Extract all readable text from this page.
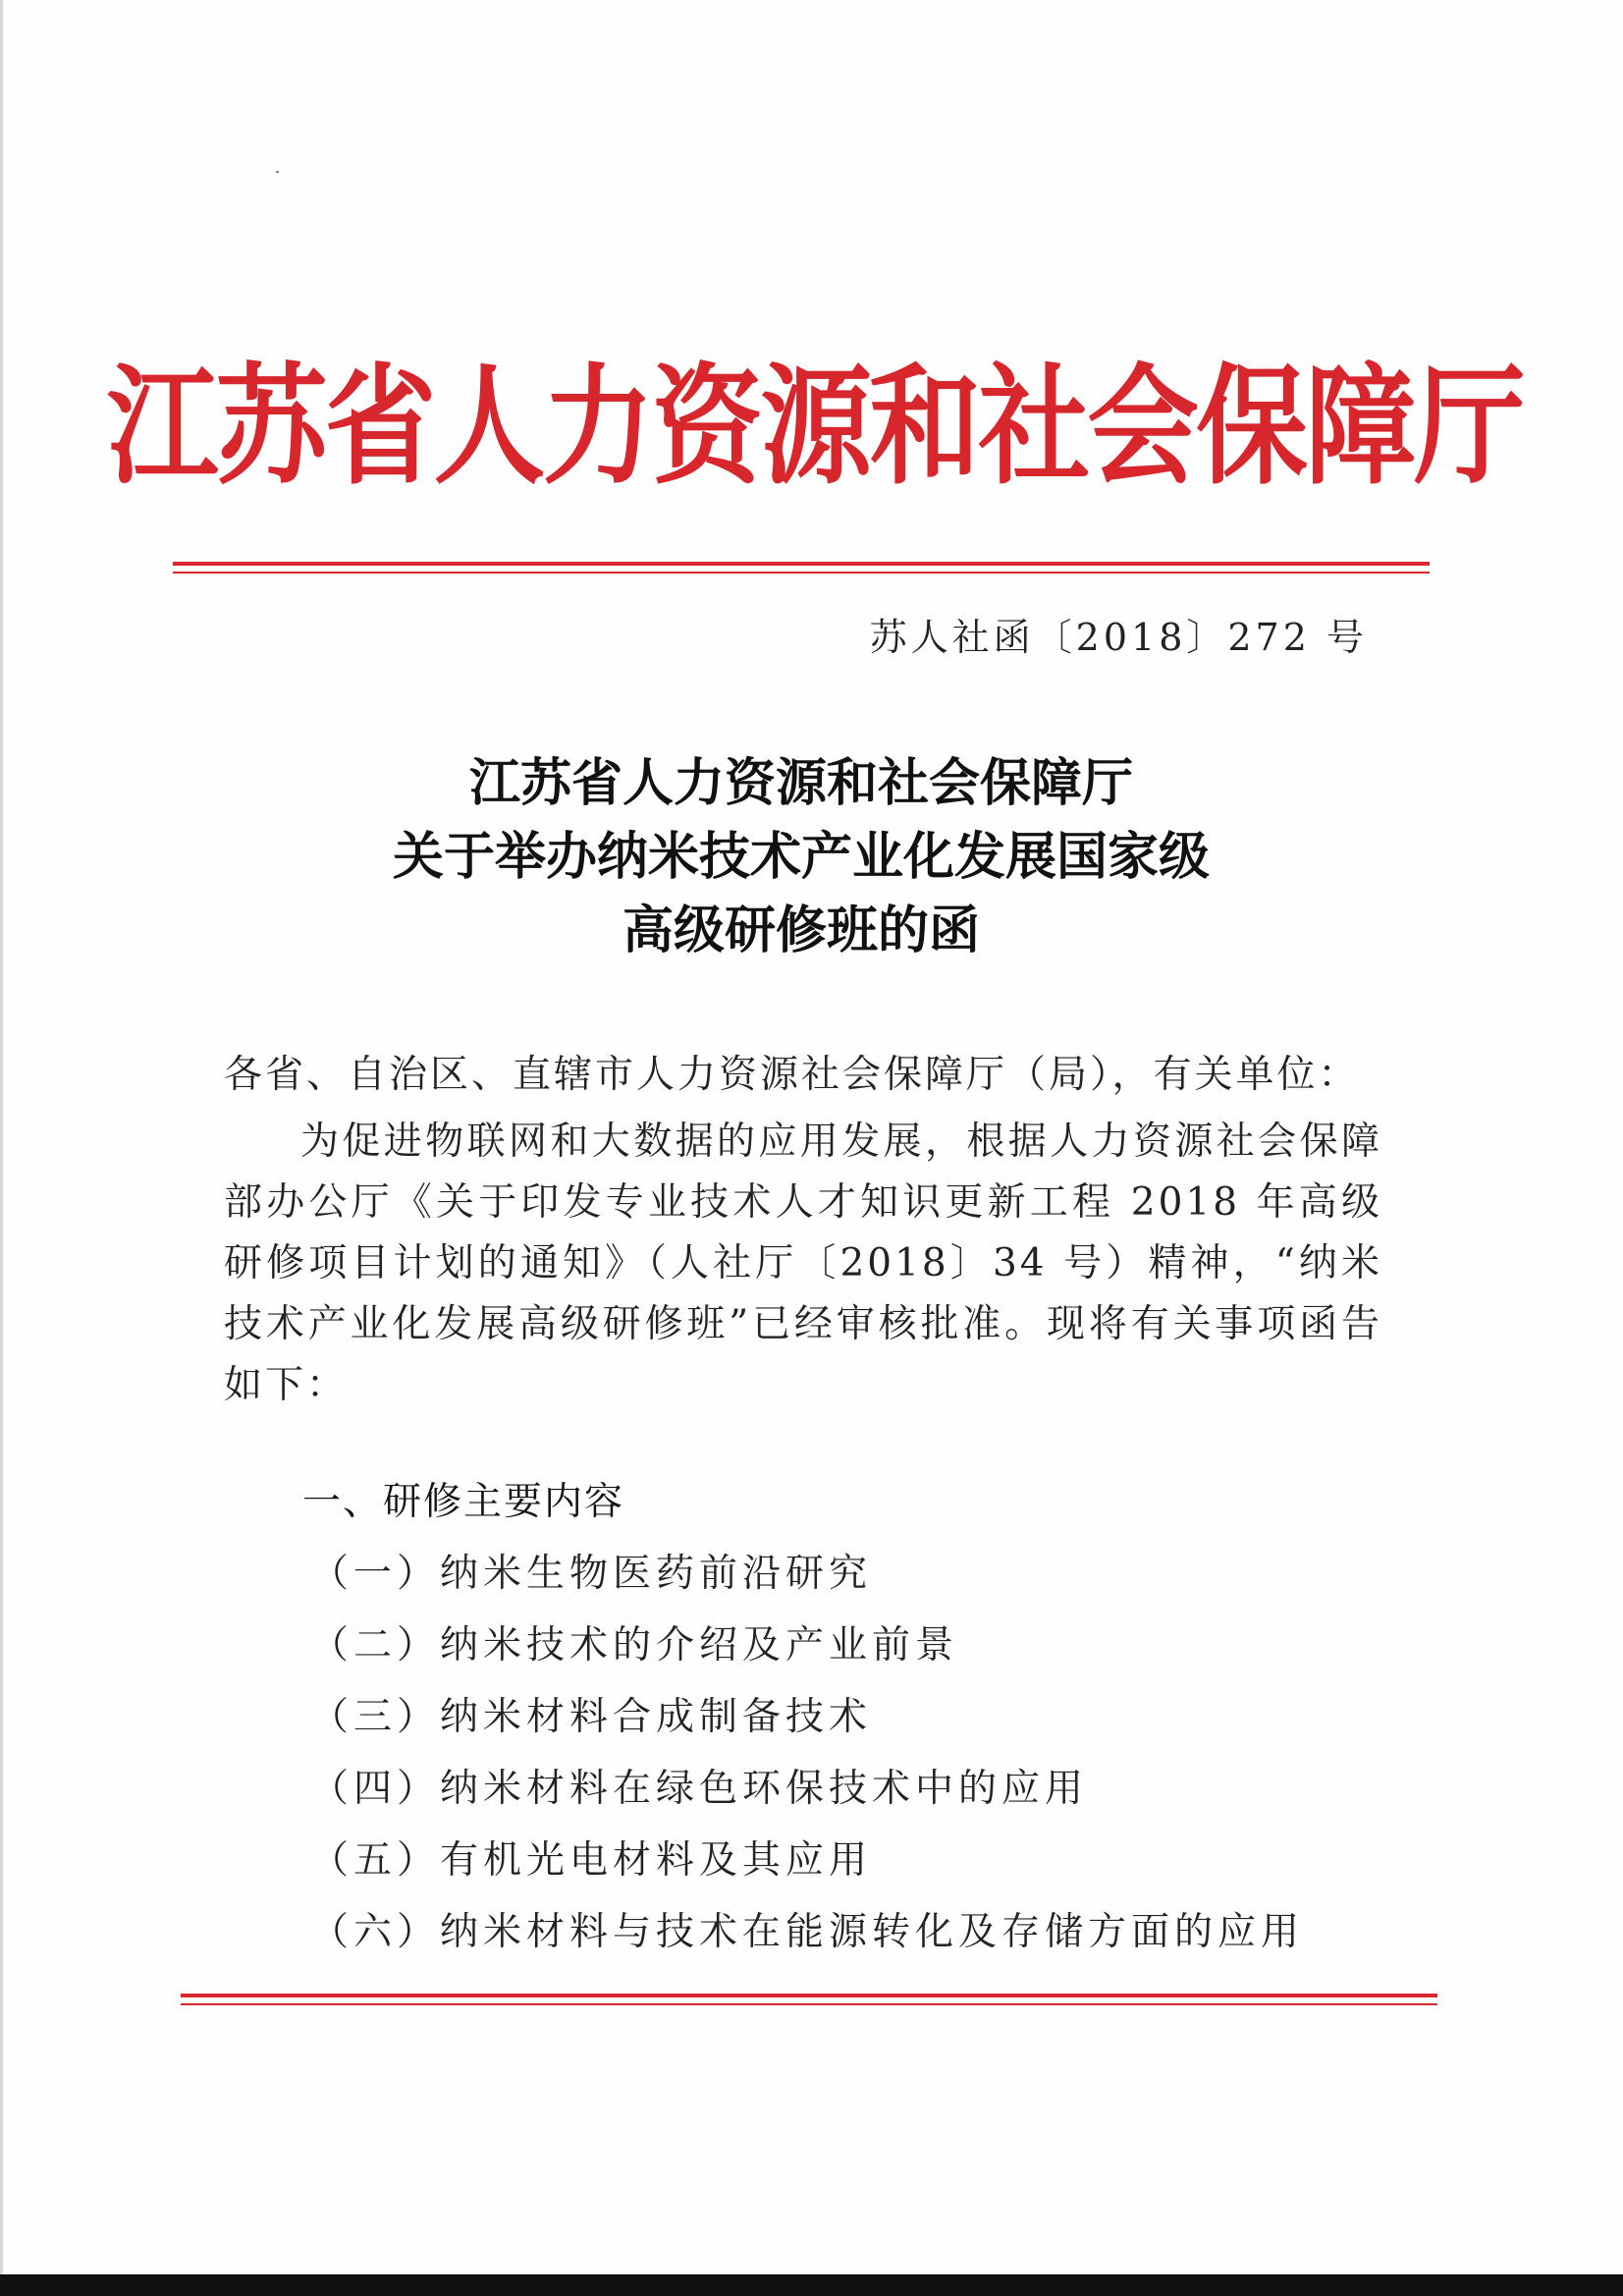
江苏省人力资源和社会保障厅
苏人社函〔2018〕272 号
江苏省人力资源和社会保障厅
关于举办纳米技术产业化发展国家级
高级研修班的函

各省、自治区、直辖市人力资源社会保障厅（局），有关单位：

为促进物联网和大数据的应用发展，根据人力资源社会保障部办公厅《关于印发专业技术人才知识更新工程 2018 年高级研修项目计划的通知》（人社厅〔2018〕34 号）精神，“纳米技术产业化发展高级研修班”已经审核批准。现将有关事项函告如下：

一、研修主要内容
（一）纳米生物医药前沿研究
（二）纳米技术的介绍及产业前景
（三）纳米材料合成制备技术
（四）纳米材料在绿色环保技术中的应用
（五）有机光电材料及其应用
（六）纳米材料与技术在能源转化及存储方面的应用
